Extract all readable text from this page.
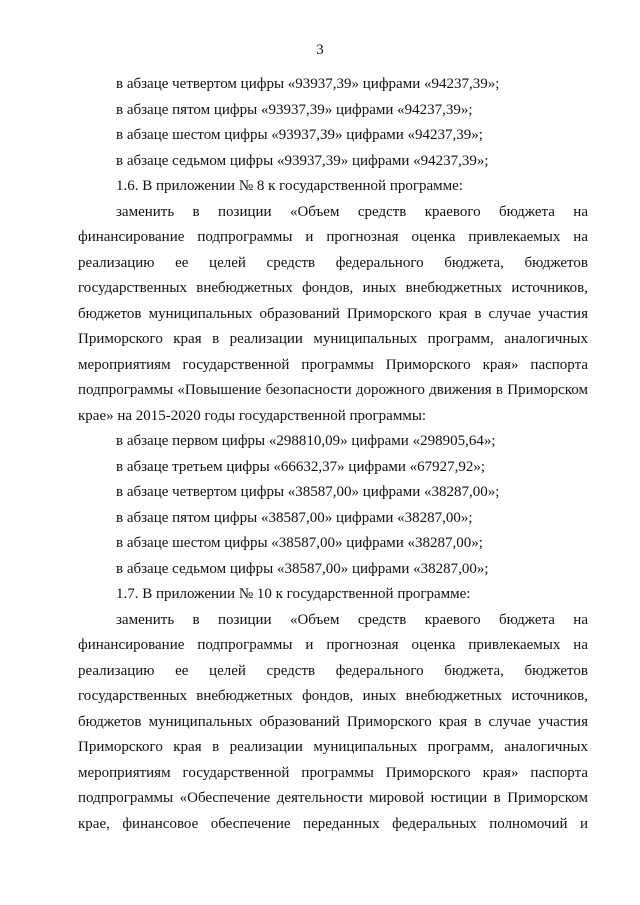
3
в абзаце четвертом цифры «93937,39» цифрами «94237,39»;
в абзаце пятом цифры «93937,39» цифрами «94237,39»;
в абзаце шестом цифры «93937,39» цифрами «94237,39»;
в абзаце седьмом цифры «93937,39» цифрами «94237,39»;
1.6. В приложении № 8 к государственной программе:
заменить в позиции «Объем средств краевого бюджета на
финансирование подпрограммы и прогнозная оценка привлекаемых на
реализацию ее целей средств федерального бюджета, бюджетов
государственных внебюджетных фондов, иных внебюджетных источников,
бюджетов муниципальных образований Приморского края в случае участия
Приморского края в реализации муниципальных программ, аналогичных
мероприятиям государственной программы Приморского края» паспорта
подпрограммы «Повышение безопасности дорожного движения в Приморском
крае» на 2015-2020 годы государственной программы:
в абзаце первом цифры «298810,09» цифрами «298905,64»;
в абзаце третьем цифры «66632,37» цифрами «67927,92»;
в абзаце четвертом цифры «38587,00» цифрами «38287,00»;
в абзаце пятом цифры «38587,00» цифрами «38287,00»;
в абзаце шестом цифры «38587,00» цифрами «38287,00»;
в абзаце седьмом цифры «38587,00» цифрами «38287,00»;
1.7. В приложении № 10 к государственной программе:
заменить в позиции «Объем средств краевого бюджета на
финансирование подпрограммы и прогнозная оценка привлекаемых на
реализацию ее целей средств федерального бюджета, бюджетов
государственных внебюджетных фондов, иных внебюджетных источников,
бюджетов муниципальных образований Приморского края в случае участия
Приморского края в реализации муниципальных программ, аналогичных
мероприятиям государственной программы Приморского края» паспорта
подпрограммы «Обеспечение деятельности мировой юстиции в Приморском
крае, финансовое обеспечение переданных федеральных полномочий и
